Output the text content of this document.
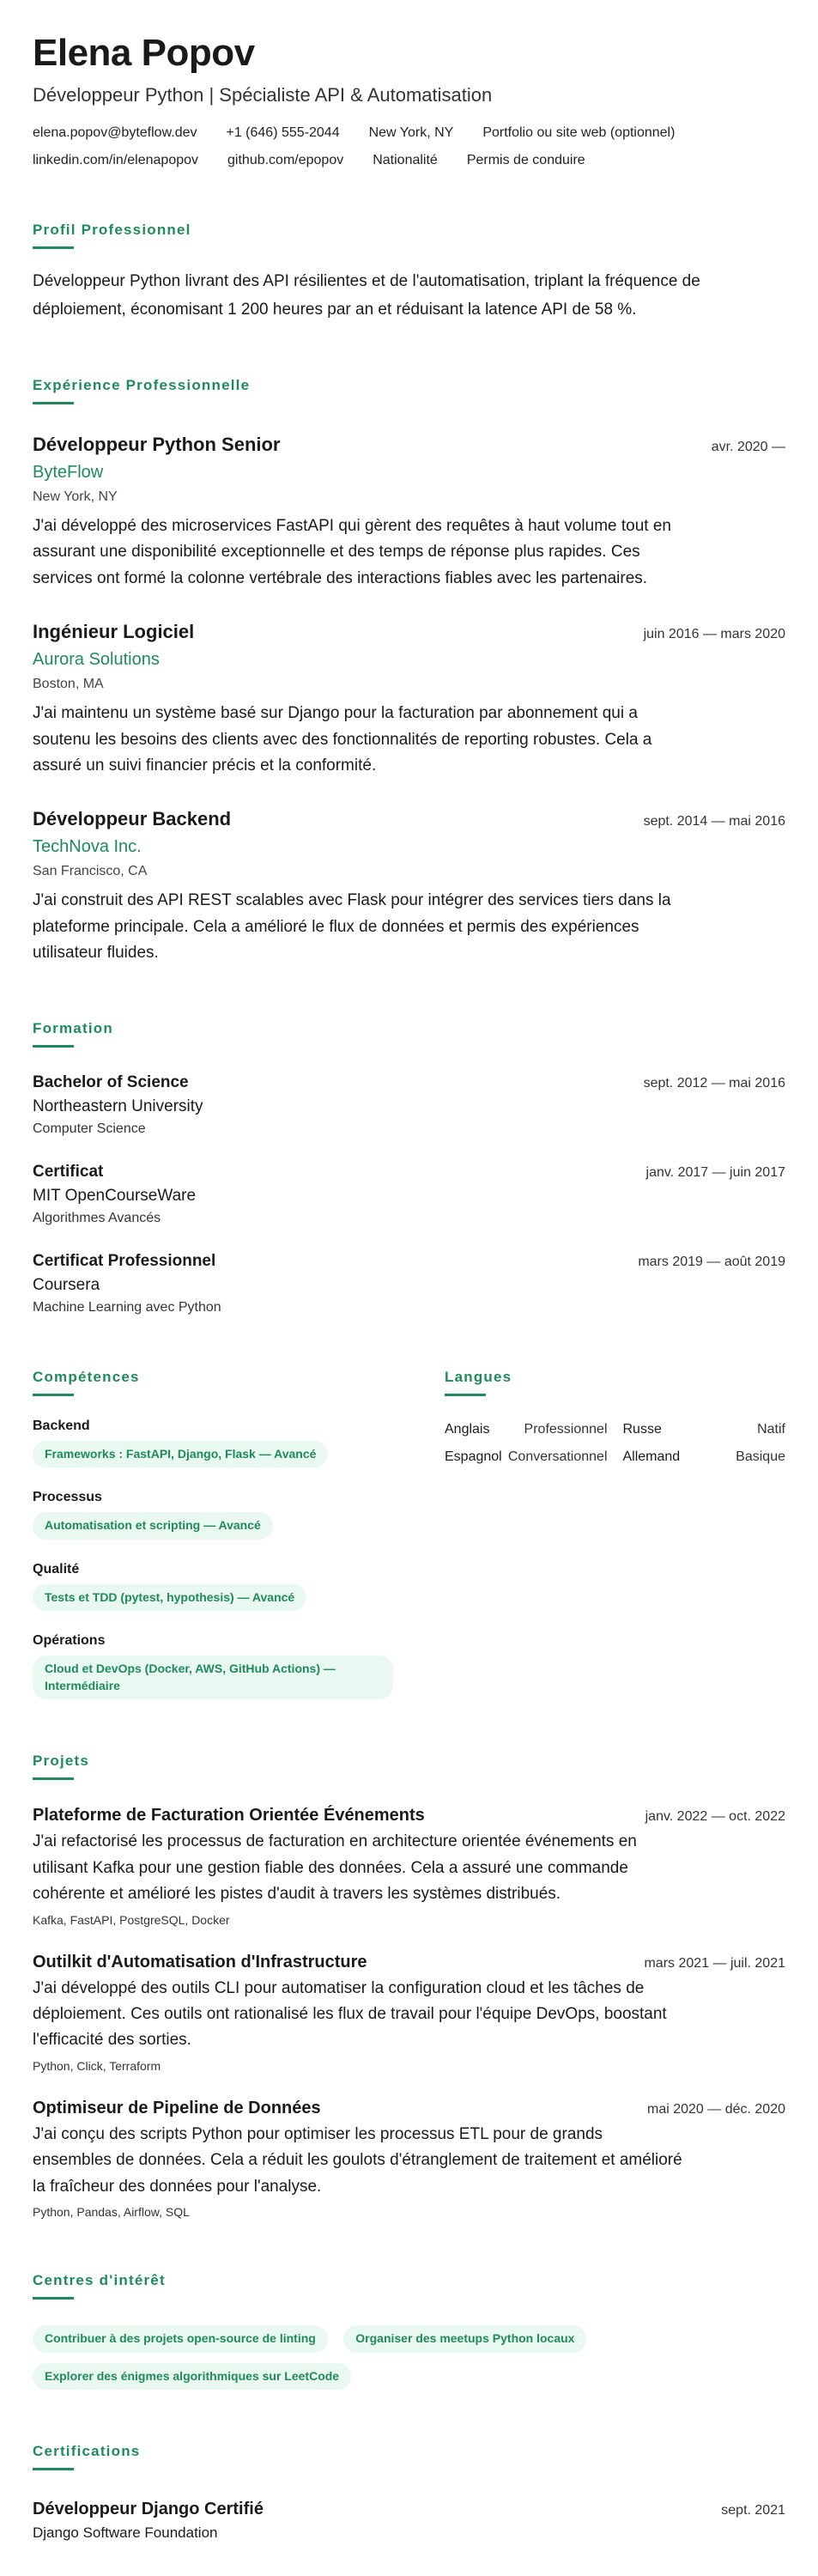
Elena Popov
Développeur Python | Spécialiste API & Automatisation
elena.popov@byteflow.dev +1 (646) 555-2044 New York, NY Portfolio ou site web (optionnel)
linkedin.com/in/elenapopov github.com/epopov Nationalité Permis de conduire
Profil Professionnel
Développeur Python livrant des API résilientes et de l'automatisation, triplant la fréquence de déploiement, économisant 1 200 heures par an et réduisant la latence API de 58 %.
Expérience Professionnelle
Développeur Python Senior	avr. 2020 —
ByteFlow
New York, NY
J'ai développé des microservices FastAPI qui gèrent des requêtes à haut volume tout en assurant une disponibilité exceptionnelle et des temps de réponse plus rapides. Ces services ont formé la colonne vertébrale des interactions fiables avec les partenaires.
Ingénieur Logiciel	juin 2016 — mars 2020
Aurora Solutions
Boston, MA
J'ai maintenu un système basé sur Django pour la facturation par abonnement qui a soutenu les besoins des clients avec des fonctionnalités de reporting robustes. Cela a assuré un suivi financier précis et la conformité.
Développeur Backend	sept. 2014 — mai 2016
TechNova Inc.
San Francisco, CA
J'ai construit des API REST scalables avec Flask pour intégrer des services tiers dans la plateforme principale. Cela a amélioré le flux de données et permis des expériences utilisateur fluides.
Formation
Bachelor of Science	sept. 2012 — mai 2016
Northeastern University
Computer Science
Certificat	janv. 2017 — juin 2017
MIT OpenCourseWare
Algorithmes Avancés
Certificat Professionnel	mars 2019 — août 2019
Coursera
Machine Learning avec Python
Compétences
Backend
Frameworks : FastAPI, Django, Flask — Avancé
Processus
Automatisation et scripting — Avancé
Qualité
Tests et TDD (pytest, hypothesis) — Avancé
Opérations
Cloud et DevOps (Docker, AWS, GitHub Actions) — Intermédiaire
Langues
Anglais	Professionnel Russe	Natif
Espagnol Conversationnel Allemand	Basique
Projets
Plateforme de Facturation Orientée Événements	janv. 2022 — oct. 2022
J'ai refactorisé les processus de facturation en architecture orientée événements en utilisant Kafka pour une gestion fiable des données. Cela a assuré une commande cohérente et amélioré les pistes d'audit à travers les systèmes distribués.
Kafka, FastAPI, PostgreSQL, Docker
Outilkit d'Automatisation d'Infrastructure	mars 2021 — juil. 2021
J'ai développé des outils CLI pour automatiser la configuration cloud et les tâches de déploiement. Ces outils ont rationalisé les flux de travail pour l'équipe DevOps, boostant l'efficacité des sorties.
Python, Click, Terraform
Optimiseur de Pipeline de Données	mai 2020 — déc. 2020
J'ai conçu des scripts Python pour optimiser les processus ETL pour de grands ensembles de données. Cela a réduit les goulots d'étranglement de traitement et amélioré la fraîcheur des données pour l'analyse.
Python, Pandas, Airflow, SQL
Centres d'intérêt
Contribuer à des projets open-source de linting	Organiser des meetups Python locaux Explorer des énigmes algorithmiques sur LeetCode
Certifications
Développeur Django Certifié	sept. 2021
Django Software Foundation
